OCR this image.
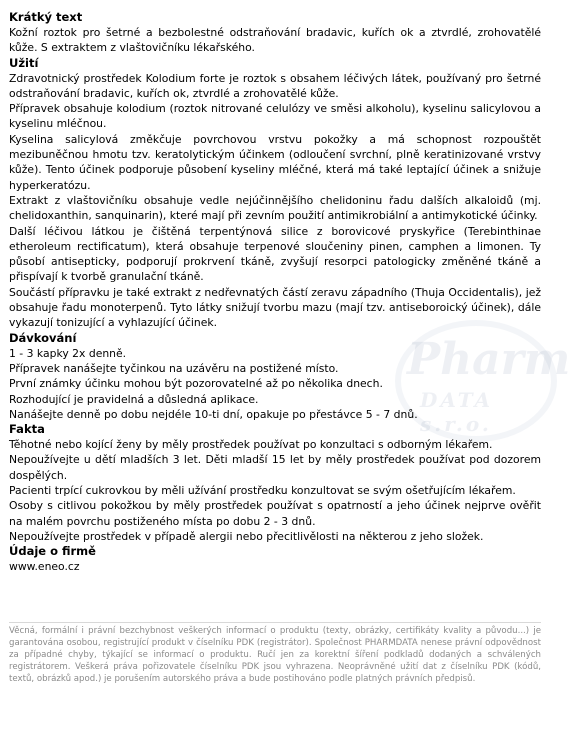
Pharm
DATA s.r.o.
Krátký text

Kožní roztok pro šetrné a bezbolestné odstraňování bradavic, kuřích ok a ztvrdlé, zrohovatělé kůže. S extraktem z vlaštovičníku lékařského.

Užití

Zdravotnický prostředek Kolodium forte je roztok s obsahem léčivých látek, používaný pro šetrné odstraňování bradavic, kuřích ok, ztvrdlé a zrohovatělé kůže.

Přípravek obsahuje kolodium (roztok nitrované celulózy ve směsi alkoholu), kyselinu salicylovou a kyselinu mléčnou.

Kyselina salicylová změkčuje povrchovou vrstvu pokožky a má schopnost rozpouštět mezibuněčnou hmotu tzv. keratolytickým účinkem (odloučení svrchní, plně keratinizované vrstvy kůže). Tento účinek podporuje působení kyseliny mléčné, která má také leptající účinek a snižuje hyperkeratózu.

Extrakt z vlaštovičníku obsahuje vedle nejúčinnějšího chelidoninu řadu dalších alkaloidů (mj. chelidoxanthin, sanquinarin), které mají při zevním použití antimikrobiální a antimykotické účinky.

Další léčivou látkou je čištěná terpentýnová silice z borovicové pryskyřice (Terebinthinae etheroleum rectificatum), která obsahuje terpenové sloučeniny pinen, camphen a limonen. Ty působí antisepticky, podporují prokrvení tkáně, zvyšují resorpci patologicky změněné tkáně a přispívají k tvorbě granulační tkáně.

Součástí přípravku je také extrakt z nedřevnatých částí zeravu západního (Thuja Occidentalis), jež obsahuje řadu monoterpenů. Tyto látky snižují tvorbu mazu (mají tzv. antiseboroický účinek), dále vykazují tonizující a vyhlazující účinek.

Dávkování

1 - 3 kapky 2x denně.

Přípravek nanášejte tyčinkou na uzávěru na postižené místo.

První známky účinku mohou být pozorovatelné až po několika dnech.

Rozhodující je pravidelná a důsledná aplikace.

Nanášejte denně po dobu nejdéle 10-ti dní, opakuje po přestávce 5 - 7 dnů.

Fakta

Těhotné nebo kojící ženy by měly prostředek používat po konzultaci s odborným lékařem.

Nepoužívejte u dětí mladších 3 let. Děti mladší 15 let by měly prostředek používat pod dozorem dospělých.

Pacienti trpící cukrovkou by měli užívání prostředku konzultovat se svým ošetřujícím lékařem.

Osoby s citlivou pokožkou by měly prostředek používat s opatrností a jeho účinek nejprve ověřit na malém povrchu postiženého místa po dobu 2 - 3 dnů.

Nepoužívejte prostředek v případě alergii nebo přecitlivělosti na některou z jeho složek.

Údaje o firmě

www.eneo.cz

Věcná, formální i právní bezchybnost veškerých informací o produktu (texty, obrázky, certifikáty kvality a původu...) je garantována osobou, registrující produkt v číselníku PDK (registrátor). Společnost PHARMDATA nenese právní odpovědnost za případné chyby, týkající se informací o produktu. Ručí jen za korektní šíření podkladů dodaných a schválených registrátorem. Veškerá práva pořizovatele číselníku PDK jsou vyhrazena. Neoprávněné užití dat z číselníku PDK (kódů, textů, obrázků apod.) je porušením autorského práva a bude postihováno podle platných právních předpisů.
